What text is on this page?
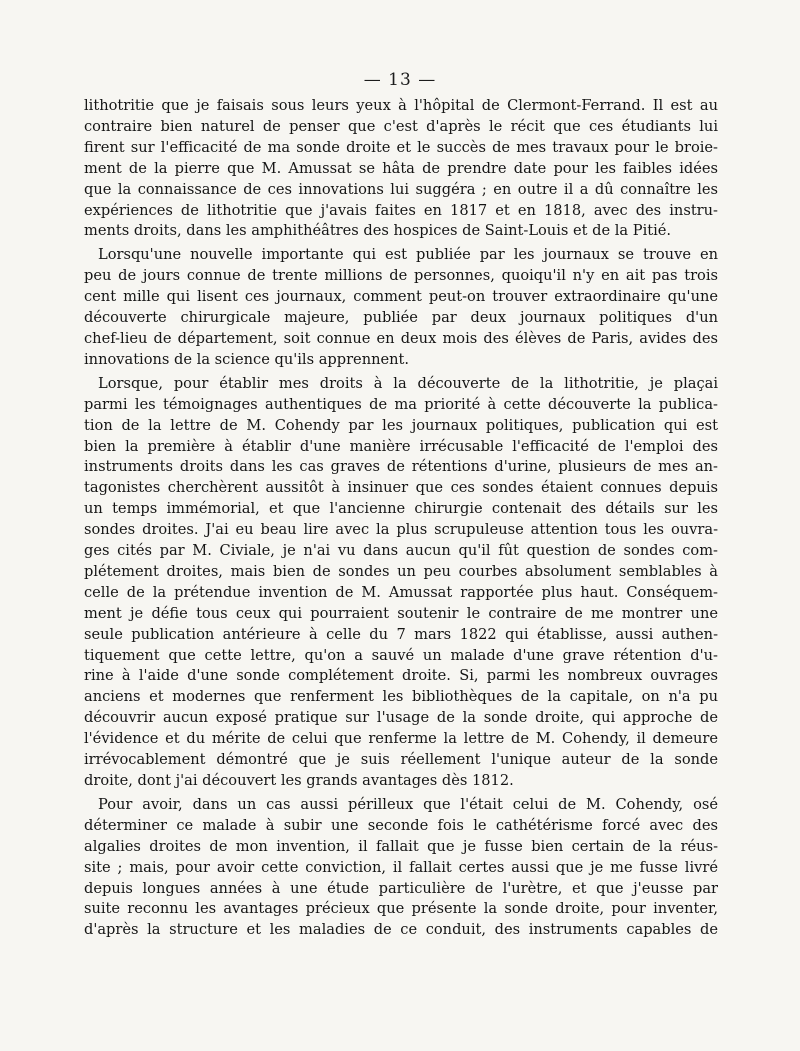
— 13 —
lithotritie que je faisais sous leurs yeux à l'hôpital de Clermont-Ferrand. Il est au
contraire bien naturel de penser que c'est d'après le récit que ces étudiants lui
firent sur l'efficacité de ma sonde droite et le succès de mes travaux pour le broie-
ment de la pierre que M. Amussat se hâta de prendre date pour les faibles idées
que la connaissance de ces innovations lui suggéra ; en outre il a dû connaître les
expériences de lithotritie que j'avais faites en 1817 et en 1818, avec des instru-
ments droits, dans les amphithéâtres des hospices de Saint-Louis et de la Pitié.
Lorsqu'une nouvelle importante qui est publiée par les journaux se trouve en
peu de jours connue de trente millions de personnes, quoiqu'il n'y en ait pas trois
cent mille qui lisent ces journaux, comment peut-on trouver extraordinaire qu'une
découverte chirurgicale majeure, publiée par deux journaux politiques d'un
chef-lieu de département, soit connue en deux mois des élèves de Paris, avides des
innovations de la science qu'ils apprennent.
Lorsque, pour établir mes droits à la découverte de la lithotritie, je plaçai
parmi les témoignages authentiques de ma priorité à cette découverte la publica-
tion de la lettre de M. Cohendy par les journaux politiques, publication qui est
bien la première à établir d'une manière irrécusable l'efficacité de l'emploi des
instruments droits dans les cas graves de rétentions d'urine, plusieurs de mes an-
tagonistes cherchèrent aussitôt à insinuer que ces sondes étaient connues depuis
un temps immémorial, et que l'ancienne chirurgie contenait des détails sur les
sondes droites. J'ai eu beau lire avec la plus scrupuleuse attention tous les ouvra-
ges cités par M. Civiale, je n'ai vu dans aucun qu'il fût question de sondes com-
plétement droites, mais bien de sondes un peu courbes absolument semblables à
celle de la prétendue invention de M. Amussat rapportée plus haut. Conséquem-
ment je défie tous ceux qui pourraient soutenir le contraire de me montrer une
seule publication antérieure à celle du 7 mars 1822 qui établisse, aussi authen-
tiquement que cette lettre, qu'on a sauvé un malade d'une grave rétention d'u-
rine à l'aide d'une sonde complétement droite. Si, parmi les nombreux ouvrages
anciens et modernes que renferment les bibliothèques de la capitale, on n'a pu
découvrir aucun exposé pratique sur l'usage de la sonde droite, qui approche de
l'évidence et du mérite de celui que renferme la lettre de M. Cohendy, il demeure
irrévocablement démontré que je suis réellement l'unique auteur de la sonde
droite, dont j'ai découvert les grands avantages dès 1812.
Pour avoir, dans un cas aussi périlleux que l'était celui de M. Cohendy, osé
déterminer ce malade à subir une seconde fois le cathétérisme forcé avec des
algalies droites de mon invention, il fallait que je fusse bien certain de la réus-
site ; mais, pour avoir cette conviction, il fallait certes aussi que je me fusse livré
depuis longues années à une étude particulière de l'urètre, et que j'eusse par
suite reconnu les avantages précieux que présente la sonde droite, pour inventer,
d'après la structure et les maladies de ce conduit, des instruments capables de
